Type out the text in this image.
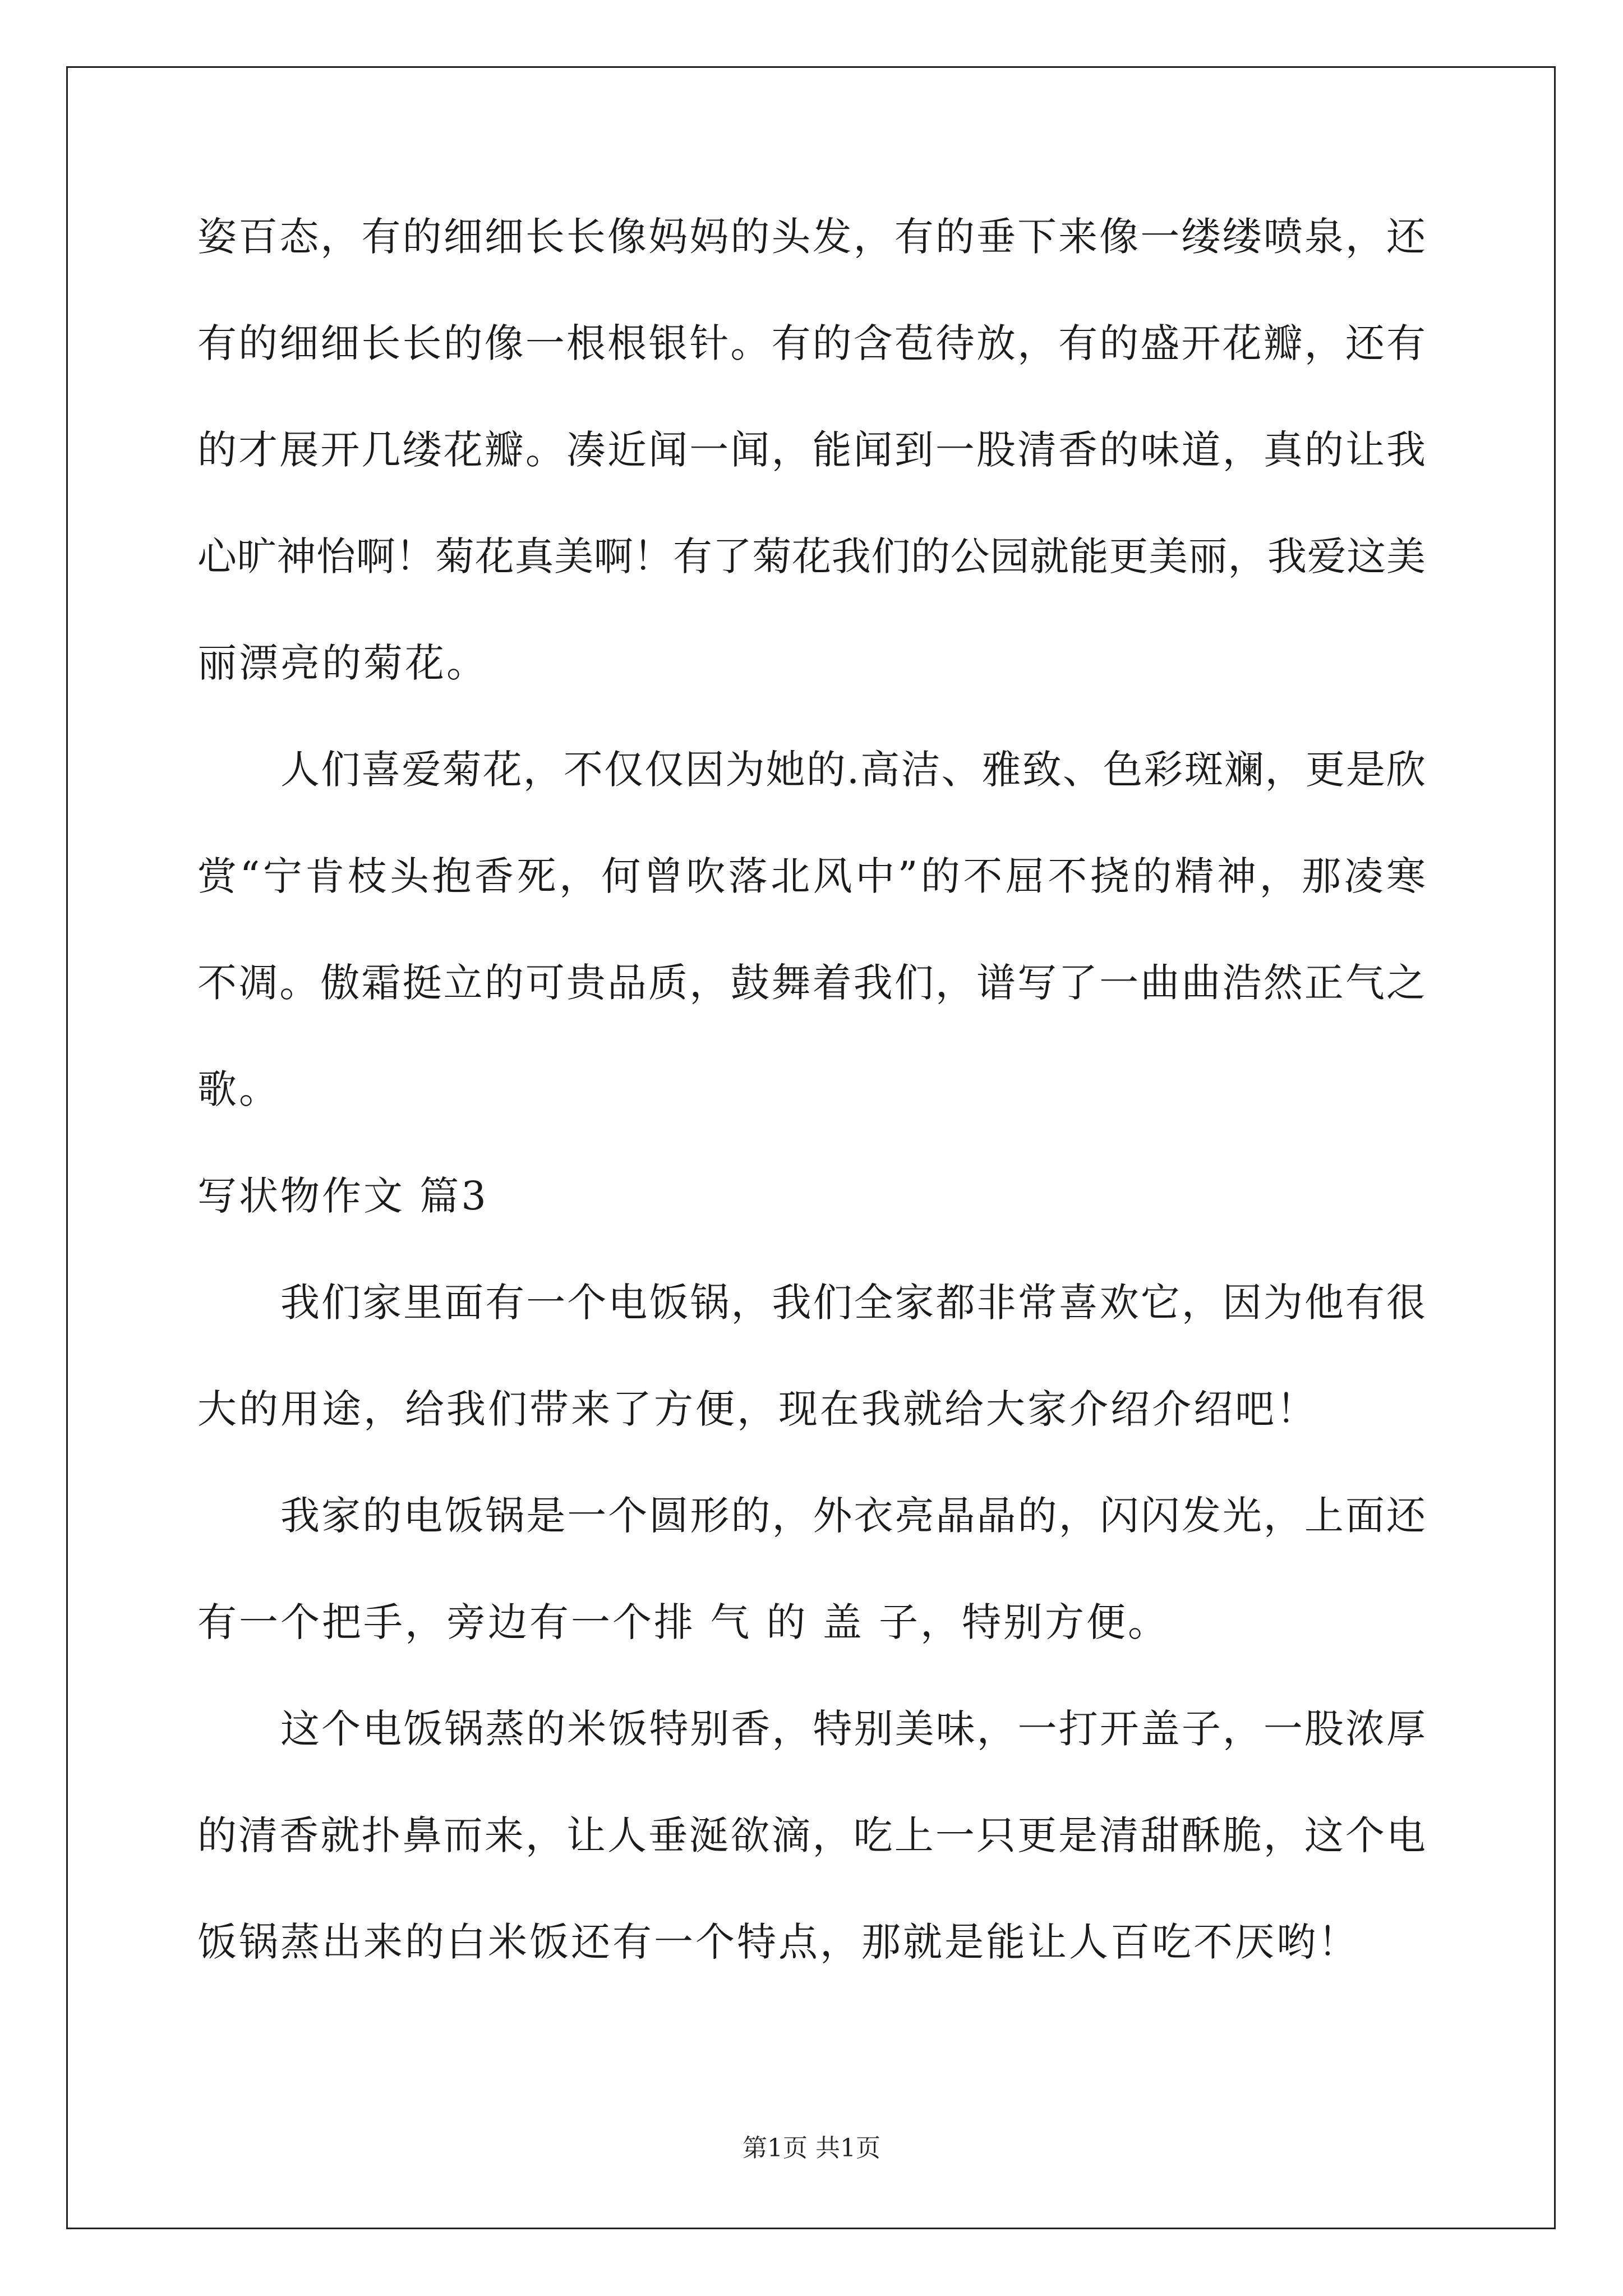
姿百态，有的细细长长像妈妈的头发，有的垂下来像一缕缕喷泉，还
有的细细长长的像一根根银针。有的含苞待放，有的盛开花瓣，还有
的才展开几缕花瓣。凑近闻一闻，能闻到一股清香的味道，真的让我
心旷神怡啊！菊花真美啊！有了菊花我们的公园就能更美丽，我爱这美
丽漂亮的菊花。
人们喜爱菊花，不仅仅因为她的.高洁、雅致、色彩斑斓，更是欣
赏“宁肯枝头抱香死，何曾吹落北风中”的不屈不挠的精神，那凌寒
不凋。傲霜挺立的可贵品质，鼓舞着我们，谱写了一曲曲浩然正气之
歌。
写状物作文 篇3
我们家里面有一个电饭锅，我们全家都非常喜欢它，因为他有很
大的用途，给我们带来了方便，现在我就给大家介绍介绍吧！
我家的电饭锅是一个圆形的，外衣亮晶晶的，闪闪发光，上面还
有一个把手，旁边有一个排 气 的 盖 子，特别方便。
这个电饭锅蒸的米饭特别香，特别美味，一打开盖子，一股浓厚
的清香就扑鼻而来，让人垂涎欲滴，吃上一只更是清甜酥脆，这个电
饭锅蒸出来的白米饭还有一个特点，那就是能让人百吃不厌哟！
第1页 共1页
